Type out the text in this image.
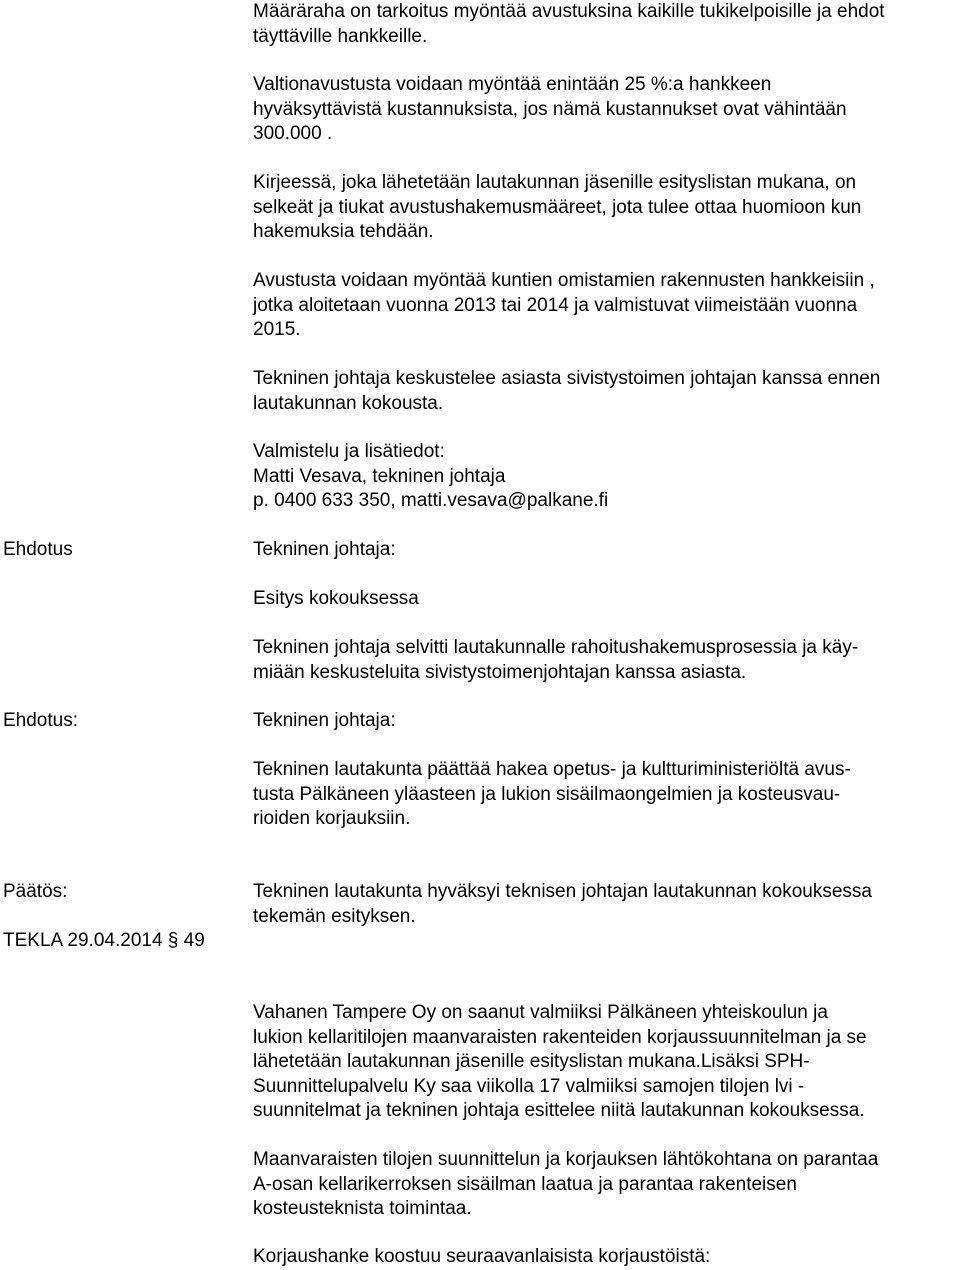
Määräraha on tarkoitus myöntää avustuksina kaikille tukikelpoisille ja ehdot

täyttäville hankkeille.

Valtionavustusta voidaan myöntää enintään 25 %:a hankkeen

hyväksyttävistä kustannuksista, jos nämä kustannukset ovat vähintään

300.000 .

Kirjeessä, joka lähetetään lautakunnan jäsenille esityslistan mukana, on

selkeät ja tiukat avustushakemusmääreet, jota tulee ottaa huomioon kun

hakemuksia tehdään.

Avustusta voidaan myöntää kuntien omistamien rakennusten hankkeisiin ,

jotka aloitetaan vuonna 2013 tai 2014 ja valmistuvat viimeistään vuonna

2015.

Tekninen johtaja keskustelee asiasta sivistystoimen johtajan kanssa ennen

lautakunnan kokousta.

Valmistelu ja lisätiedot:

Matti Vesava, tekninen johtaja

p. 0400 633 350, matti.vesava@palkane.fi

Ehdotus	Tekninen johtaja:
Esitys kokouksessa

Tekninen johtaja selvitti lautakunnalle rahoitushakemusprosessia ja käy-

miään keskusteluita sivistystoimenjohtajan kanssa asiasta.

Ehdotus:	Tekninen johtaja:

Tekninen lautakunta päättää hakea opetus- ja kultturiministeriöltä avus-

tusta Pälkäneen yläasteen ja lukion sisäilmaongelmien ja kosteusvau-

rioiden korjauksiin.

Päätös:	Tekninen lautakunta hyväksyi teknisen johtajan lautakunnan kokouksessa

tekemän esityksen.

TEKLA 29.04.2014 § 49

Vahanen Tampere Oy on saanut valmiiksi Pälkäneen yhteiskoulun ja

lukion kellaritilojen maanvaraisten rakenteiden korjaussuunnitelman ja se

lähetetään lautakunnan jäsenille esityslistan mukana.Lisäksi SPH-

Suunnittelupalvelu Ky saa viikolla 17 valmiiksi samojen tilojen lvi -

suunnitelmat ja tekninen johtaja esittelee niitä lautakunnan kokouksessa.

Maanvaraisten tilojen suunnittelun ja korjauksen lähtökohtana on parantaa

A-osan kellarikerroksen sisäilman laatua ja parantaa rakenteisen

kosteusteknista toimintaa.

Korjaushanke koostuu seuraavanlaisista korjaustöistä:
